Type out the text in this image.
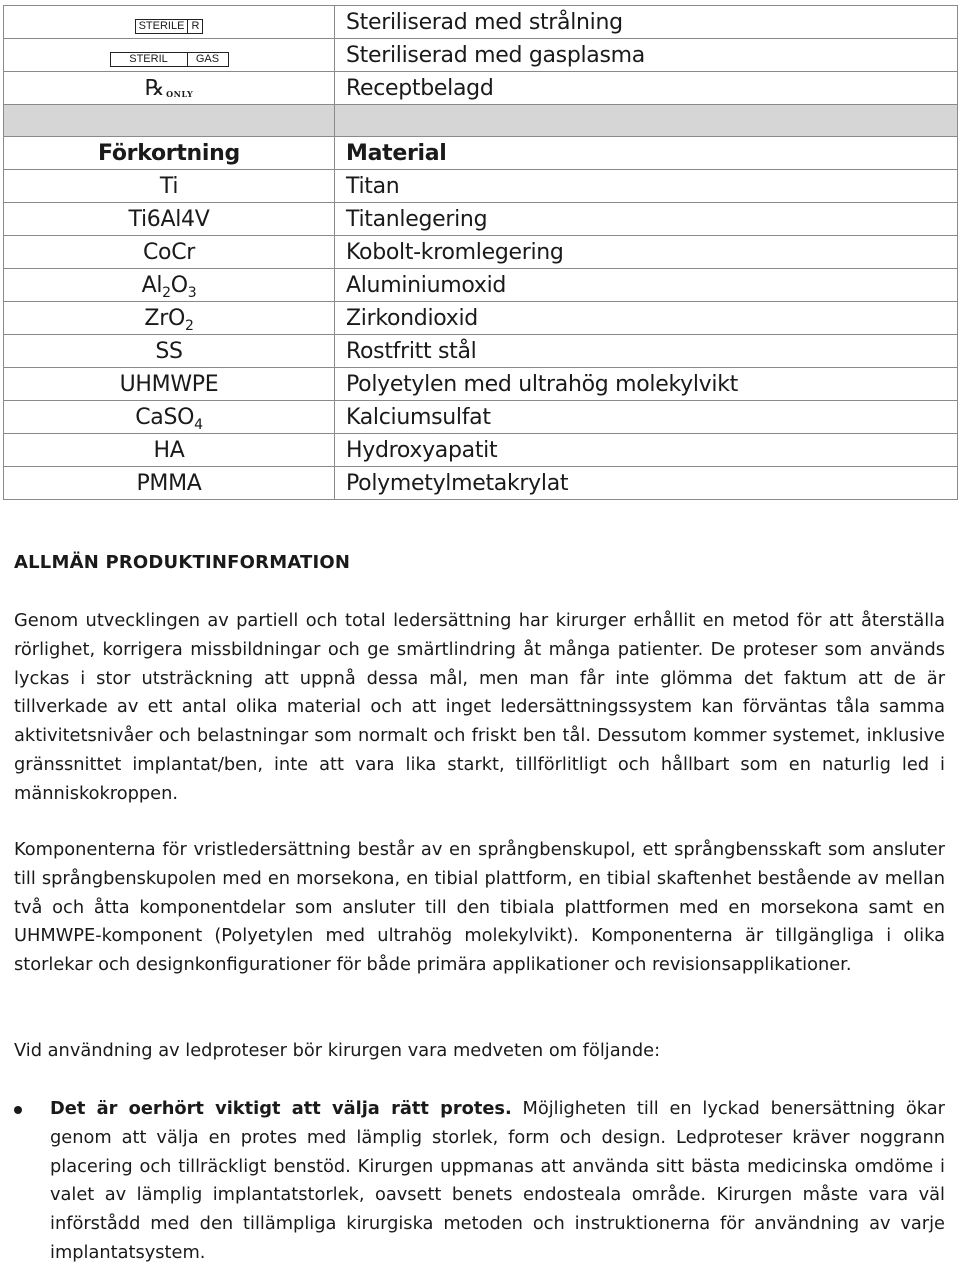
STERILE R	Steriliserad med strålning

STERIL GAS	Steriliserad med gasplasma

℞ ONLY	Receptbelagd

Förkortning	Material
Ti	Titan
Ti6Al4V	Titanlegering
CoCr	Kobolt-kromlegering
$Al_2O_3$	Aluminiumoxid
ZrO$_2$	Zirkondioxid
SS	Rostfritt stål
UHMWPE	Polyetylen med ultrahög molekylvikt
CaSO$_4$	Kalciumsulfat
HA	Hydroxyapatit
PMMA	Polymetylmetakrylat
ALLMÄN PRODUKTINFORMATION

Genom utvecklingen av partiell och total ledersättning har kirurger erhållit en metod för att återställa rörlighet, korrigera missbildningar och ge smärtlindring åt många patienter. De proteser som används lyckas i stor utsträckning att uppnå dessa mål, men man får inte glömma det faktum att de är tillverkade av ett antal olika material och att inget ledersättningssystem kan förväntas tåla samma aktivitetsnivåer och belastningar som normalt och friskt ben tål. Dessutom kommer systemet, inklusive gränssnittet implantat/ben, inte att vara lika starkt, tillförlitligt och hållbart som en naturlig led i människokroppen.

Komponenterna för vristledersättning består av en språngbenskupol, ett språngbensskaft som ansluter till språngbenskupolen med en morsekona, en tibial plattform, en tibial skaftenhet bestående av mellan två och åtta komponentdelar som ansluter till den tibiala plattformen med en morsekona samt en UHMWPE-komponent (Polyetylen med ultrahög molekylvikt). Komponenterna är tillgängliga i olika storlekar och designkonfigurationer för både primära applikationer och revisionsapplikationer.

Vid användning av ledproteser bör kirurgen vara medveten om följande:

Det är oerhört viktigt att välja rätt protes. Möjligheten till en lyckad benersättning ökar genom att välja en protes med lämplig storlek, form och design. Ledproteser kräver noggrann placering och tillräckligt benstöd. Kirurgen uppmanas att använda sitt bästa medicinska omdöme i valet av lämplig implantatstorlek, oavsett benets endosteala område. Kirurgen måste vara väl införstådd med den tillämpliga kirurgiska metoden och instruktionerna för användning av varje implantatsystem.
